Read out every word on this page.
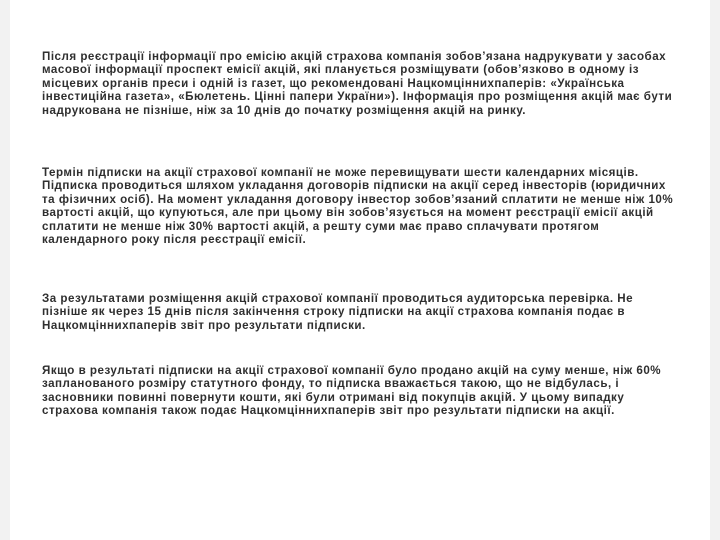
Після реєстрації інформації про емісію акцій страхова компанія зобов’язана надрукувати у засобах масової інформації проспект емісії акцій, які планується розміщувати (обов’язково в одному із місцевих органів преси і одній із газет, що рекомендовані Нацкомціннихпаперів: «Українська інвестиційна газета», «Бюлетень. Цінні папери України»). Інформація про розміщення акцій має бути надрукована не пізніше, ніж за 10 днів до початку розміщення акцій на ринку.

Термін підписки на акції страхової компанії не може перевищувати шести календарних місяців. Підписка проводиться шляхом укладання договорів підписки на акції серед інвесторів (юридичних та фізичних осіб). На момент укладання договору інвестор зобов’язаний сплатити не менше ніж 10% вартості акцій, що купуються, але при цьому він зобов’язується на момент реєстрації емісії акцій сплатити не менше ніж 30% вартості акцій, а решту суми має право сплачувати протягом календарного року після реєстрації емісії.

За результатами розміщення акцій страхової компанії проводиться аудиторська перевірка. Не пізніше як через 15 днів після закінчення строку підписки на акції страхова компанія подає в Нацкомціннихпаперів звіт про результати підписки.

Якщо в результаті підписки на акції страхової компанії було продано акцій на суму менше, ніж 60% запланованого розміру статутного фонду, то підписка вважається такою, що не відбулась, і засновники повинні повернути кошти, які були отримані від покупців акцій. У цьому випадку страхова компанія також подає Нацкомціннихпаперів звіт про результати підписки на акції.
